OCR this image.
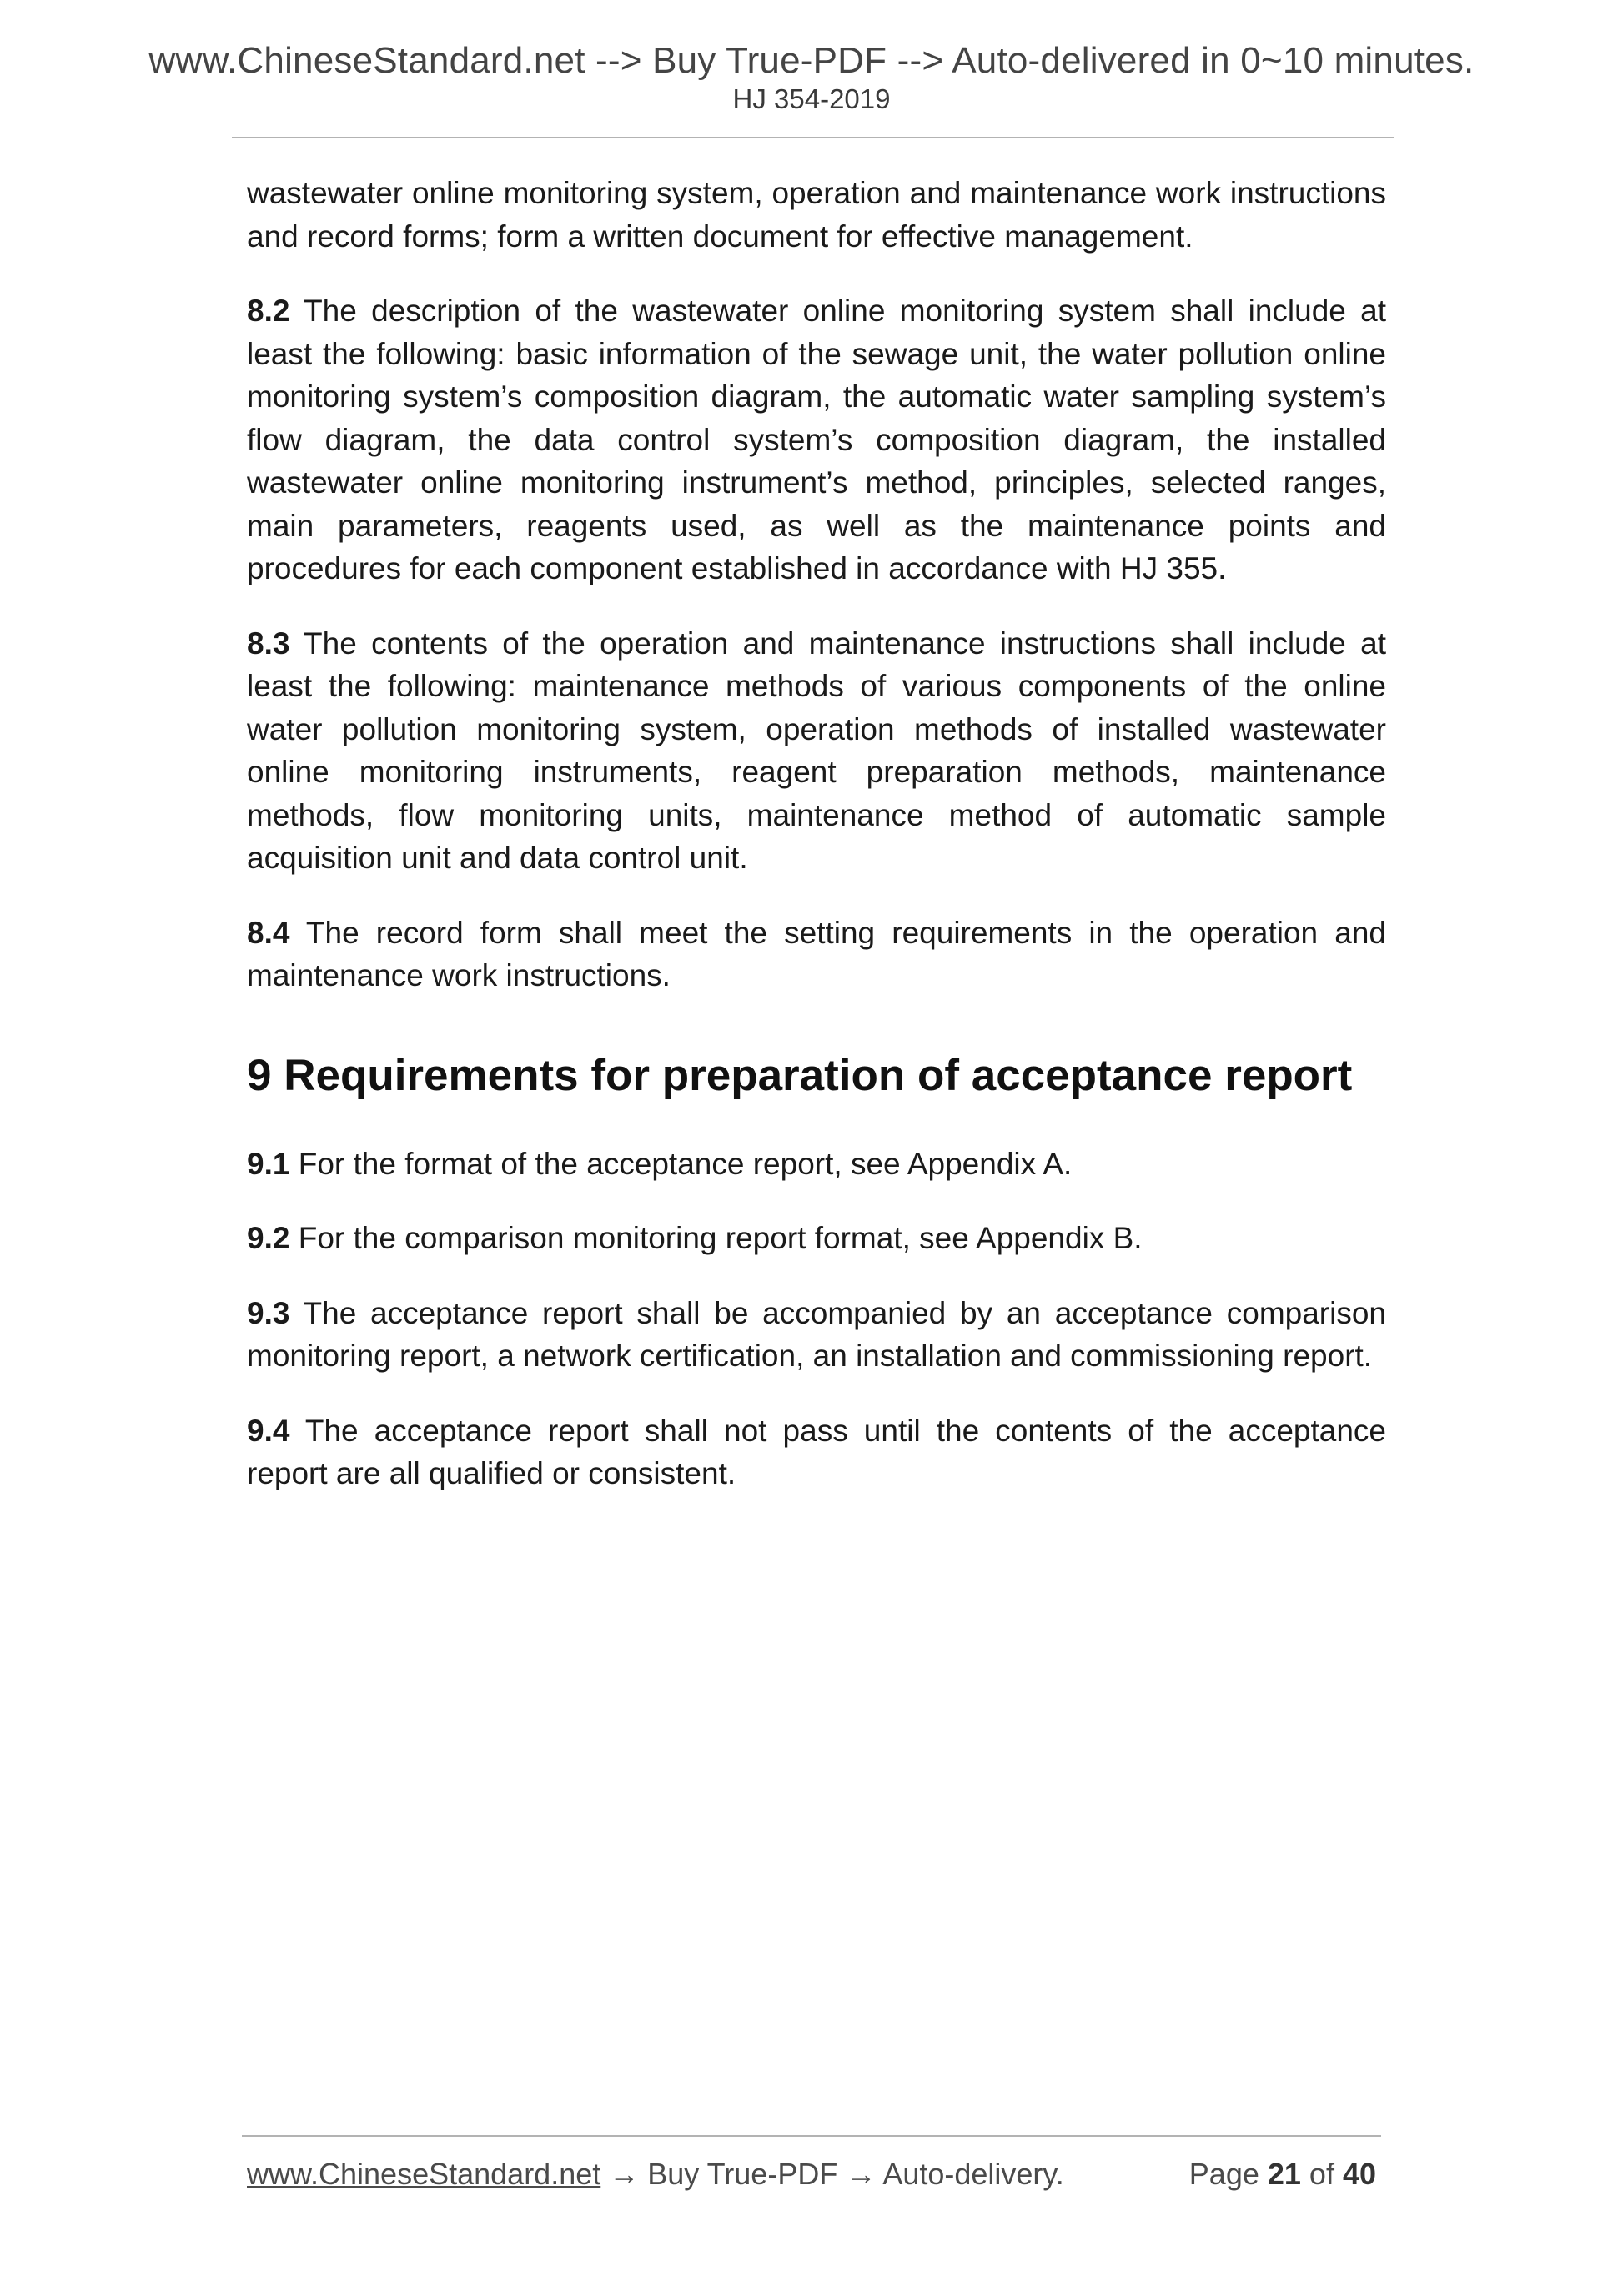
www.ChineseStandard.net --> Buy True-PDF --> Auto-delivered in 0~10 minutes.
HJ 354-2019

wastewater online monitoring system, operation and maintenance work instructions and record forms; form a written document for effective management.

8.2 The description of the wastewater online monitoring system shall include at least the following: basic information of the sewage unit, the water pollution online monitoring system’s composition diagram, the automatic water sampling system’s flow diagram, the data control system’s composition diagram, the installed wastewater online monitoring instrument’s method, principles, selected ranges, main parameters, reagents used, as well as the maintenance points and procedures for each component established in accordance with HJ 355.

8.3 The contents of the operation and maintenance instructions shall include at least the following: maintenance methods of various components of the online water pollution monitoring system, operation methods of installed wastewater online monitoring instruments, reagent preparation methods, maintenance methods, flow monitoring units, maintenance method of automatic sample acquisition unit and data control unit.

8.4 The record form shall meet the setting requirements in the operation and maintenance work instructions.

9 Requirements for preparation of acceptance report

9.1 For the format of the acceptance report, see Appendix A.

9.2 For the comparison monitoring report format, see Appendix B.

9.3 The acceptance report shall be accompanied by an acceptance comparison monitoring report, a network certification, an installation and commissioning report.

9.4 The acceptance report shall not pass until the contents of the acceptance report are all qualified or consistent.

www.ChineseStandard.net → Buy True-PDF → Auto-delivery.	Page 21 of 40
